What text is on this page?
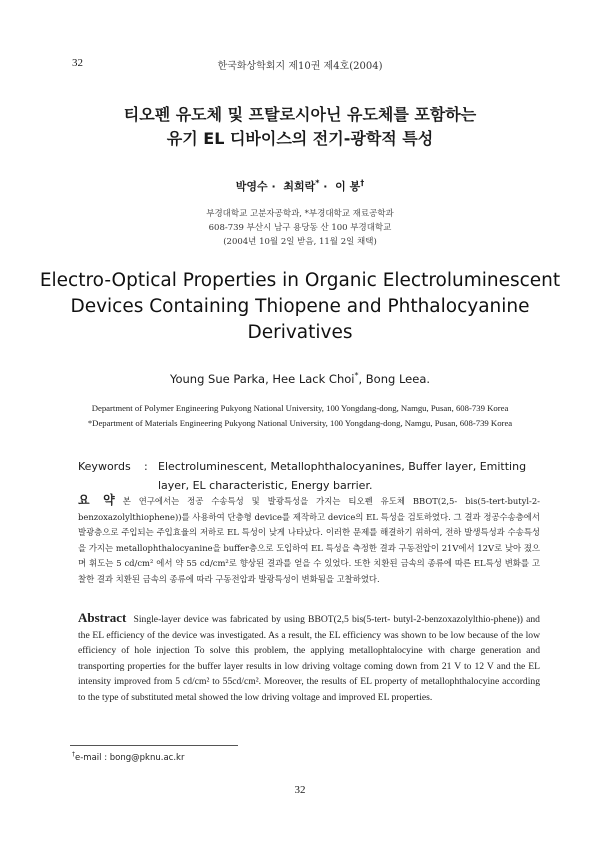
32	한국화상학회지 제10권 제4호(2004)
티오펜 유도체 및 프탈로시아닌 유도체를 포함하는
유기 EL 디바이스의 전기-광학적 특성
박영수 · 최희락* · 이 봉†
부경대학교 고분자공학과, *부경대학교 재료공학과
608-739 부산시 남구 용당동 산 100 부경대학교
(2004년 10월 2일 받음, 11월 2일 채택)
Electro-Optical Properties in Organic Electroluminescent
Devices Containing Thiopene and Phthalocyanine
Derivatives
Young Sue Parka, Hee Lack Choi*, Bong Leea.
Department of Polymer Engineering Pukyong National University, 100 Yongdang-dong, Namgu, Pusan, 608-739 Korea
*Department of Materials Engineering Pukyong National University, 100 Yongdang-dong, Namgu, Pusan, 608-739 Korea
Keywords : Electroluminescent, Metallophthalocyanines, Buffer layer, Emitting layer, EL characteristic, Energy barrier.
요 약 본 연구에서는 정공 수송특성 및 발광특성을 가지는 티오펜 유도체 BBOT(2,5- bis(5-tert-butyl-2-benzoxazolylthiophene))를 사용하여 단층형 device를 제작하고 device의 EL 특성을 검토하였다. 그 결과 정공수송층에서 발광층으로 주입되는 주입효율의 저하로 EL 특성이 낮게 나타났다. 이러한 문제를 해결하기 위하여, 전하 발생특성과 수송특성을 가지는 metallophthalocyanine을 buffer층으로 도입하여 EL 특성을 측정한 결과 구동전압이 21V에서 12V로 낮아 졌으며 휘도는 5 cd/cm² 에서 약 55 cd/cm²로 향상된 결과를 얻을 수 있었다. 또한 치환된 금속의 종류에 따른 EL특성 변화를 고찰한 결과 치환된 금속의 종류에 따라 구동전압과 발광특성이 변화됨을 고찰하였다.
Abstract Single-layer device was fabricated by using BBOT(2,5 bis(5-tert- butyl-2-benzoxazolylthio-phene)) and the EL efficiency of the device was investigated. As a result, the EL efficiency was shown to be low because of the low efficiency of hole injection To solve this problem, the applying metallophtalocyine with charge generation and transporting properties for the buffer layer results in low driving voltage coming down from 21 V to 12 V and the EL intensity improved from 5 cd/cm² to 55cd/cm². Moreover, the results of EL property of metallophthalocyine according to the type of substituted metal showed the low driving voltage and improved EL properties.
†e-mail : bong@pknu.ac.kr
32
